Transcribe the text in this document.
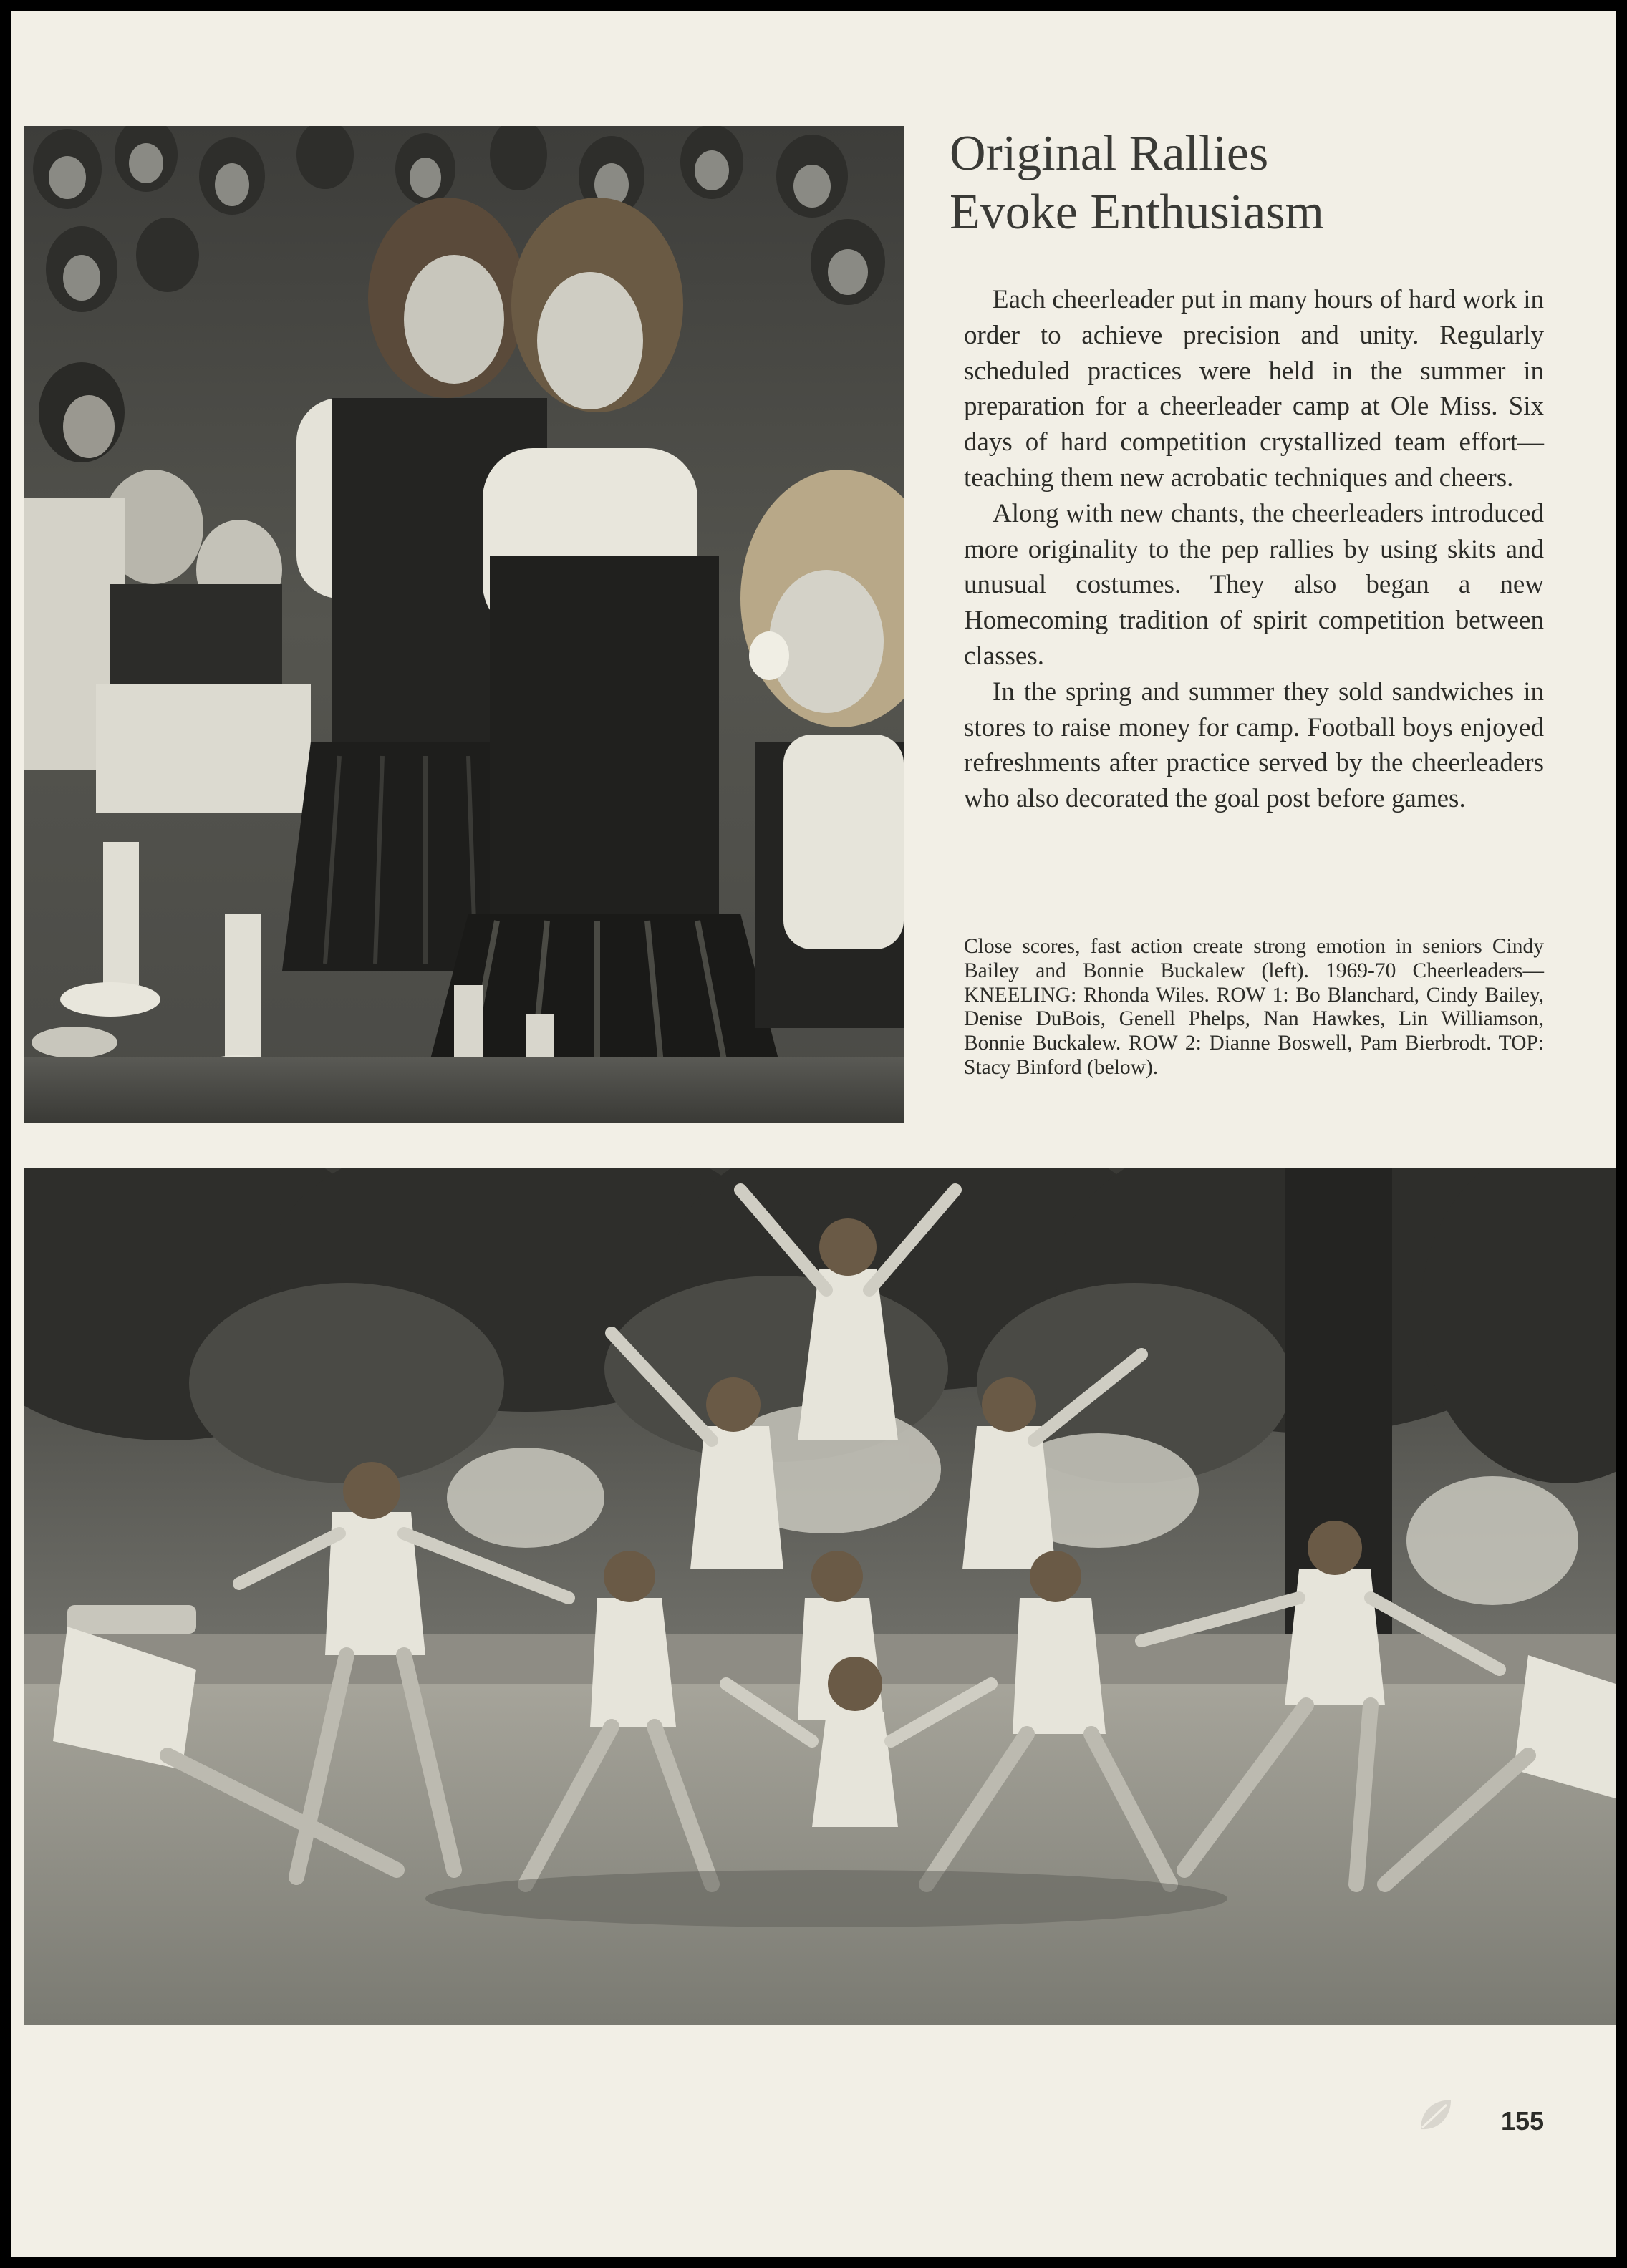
Original Rallies
Evoke Enthusiasm

Each cheerleader put in many hours of hard work in order to achieve precision and unity. Regularly scheduled practices were held in the summer in preparation for a cheerleader camp at Ole Miss. Six days of hard competition crystallized team effort—teaching them new acrobatic techniques and cheers.

Along with new chants, the cheerleaders introduced more originality to the pep rallies by using skits and unusual costumes. They also began a new Homecoming tradition of spirit competition between classes.

In the spring and summer they sold sandwiches in stores to raise money for camp. Football boys enjoyed refreshments after practice served by the cheerleaders who also decorated the goal post before games.

Close scores, fast action create strong emotion in seniors Cindy Bailey and Bonnie Buckalew (left). 1969-70 Cheerleaders—KNEELING: Rhonda Wiles. ROW 1: Bo Blanchard, Cindy Bailey, Denise DuBois, Genell Phelps, Nan Hawkes, Lin Williamson, Bonnie Buckalew. ROW 2: Dianne Boswell, Pam Bierbrodt. TOP: Stacy Binford (below).
155
